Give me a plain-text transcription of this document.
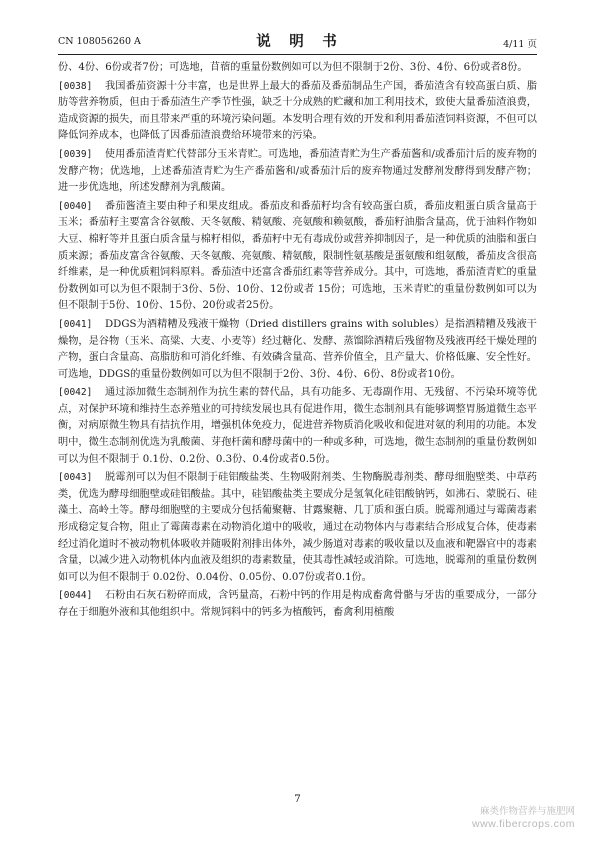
CN 108056260 A	说　明　书	4/11 页

份、4份、6份或者7份；可选地，苜蓿的重量份数例如可以为但不限制于2份、3份、4份、6份或者8份。

[0038] 我国番茄资源十分丰富，也是世界上最大的番茄及番茄制品生产国，番茄渣含有较高蛋白质、脂肪等营养物质，但由于番茄渣生产季节性强，缺乏十分成熟的贮藏和加工利用技术，致使大量番茄渣浪费，造成资源的损失，而且带来严重的环境污染问题。本发明合理有效的开发和利用番茄渣饲料资源，不但可以降低饲养成本，也降低了因番茄渣浪费给环境带来的污染。

[0039] 使用番茄渣青贮代替部分玉米青贮。可选地，番茄渣青贮为生产番茄酱和/或番茄汁后的废弃物的发酵产物；优选地，上述番茄渣青贮为生产番茄酱和/或番茄汁后的废弃物通过发酵剂发酵得到发酵产物；进一步优选地，所述发酵剂为乳酸菌。

[0040] 番茄酱渣主要由种子和果皮组成。番茄皮和番茄籽均含有较高蛋白质，番茄皮粗蛋白质含量高于玉米；番茄籽主要富含谷氨酸、天冬氨酸、精氨酸、亮氨酸和赖氨酸，番茄籽油脂含量高，优于油料作物如大豆、棉籽等并且蛋白质含量与棉籽相似，番茄籽中无有毒成份或营养抑制因子，是一种优质的油脂和蛋白质来源；番茄皮富含谷氨酸、天冬氨酸、亮氨酸、精氨酸，限制性氨基酸是蛋氨酸和组氨酸，番茄皮含很高纤维素，是一种优质粗饲料原料。番茄渣中还富含番茄红素等营养成分。其中，可选地，番茄渣青贮的重量份数例如可以为但不限制于3份、5份、10份、12份或者 15份；可选地，玉米青贮的重量份数例如可以为但不限制于5份、10份、15份、20份或者25份。

[0041] DDGS为酒精糟及残液干燥物（Dried distillers grains with solubles）是指酒精糟及残液干燥物，是谷物（玉米、高粱、大麦、小麦等）经过糖化、发酵、蒸馏除酒精后残留物及残液再经干燥处理的产物，蛋白含量高、高脂肪和可消化纤维、有效磷含量高、营养价值全，且产量大、价格低廉、安全性好。可选地，DDGS的重量份数例如可以为但不限制于2份、3份、4份、6份、8份或者10份。

[0042] 通过添加微生态制剂作为抗生素的替代品，具有功能多、无毒副作用、无残留、不污染环境等优点，对保护环境和维持生态养殖业的可持续发展也具有促进作用，微生态制剂具有能够调整胃肠道微生态平衡，对病原微生物具有拮抗作用，增强机体免疫力，促进营养物质消化吸收和促进对氨的利用的功能。本发明中，微生态制剂优选为乳酸菌、芽孢杆菌和酵母菌中的一种或多种，可选地，微生态制剂的重量份数例如可以为但不限制于 0.1份、0.2份、0.3份、0.4份或者0.5份。

[0043] 脱霉剂可以为但不限制于硅铝酸盐类、生物吸附剂类、生物酶脱毒剂类、酵母细胞壁类、中草药类，优选为酵母细胞壁或硅铝酸盐。其中，硅铝酸盐类主要成分是氢氧化硅铝酸钠钙，如沸石、蒙脱石、硅藻土、高岭土等。酵母细胞壁的主要成分包括葡聚糖、甘露聚糖、几丁质和蛋白质。脱霉剂通过与霉菌毒素形成稳定复合物，阻止了霉菌毒素在动物消化道中的吸收，通过在动物体内与毒素结合形成复合体，使毒素经过消化道时不被动物机体吸收并随吸附剂排出体外，减少肠道对毒素的吸收量以及血液和靶器官中的毒素含量，以减少进入动物机体内血液及组织的毒素数量，使其毒性减轻或消除。可选地，脱霉剂的重量份数例如可以为但不限制于 0.02份、0.04份、0.05份、0.07份或者0.1份。

[0044] 石粉由石灰石粉碎而成，含钙量高，石粉中钙的作用是构成畜禽骨骼与牙齿的重要成分，一部分存在于细胞外液和其他组织中。常规饲料中的钙多为植酸钙，畜禽利用植酸

7
麻类作物营养与施肥网
www.fibercrops.com
